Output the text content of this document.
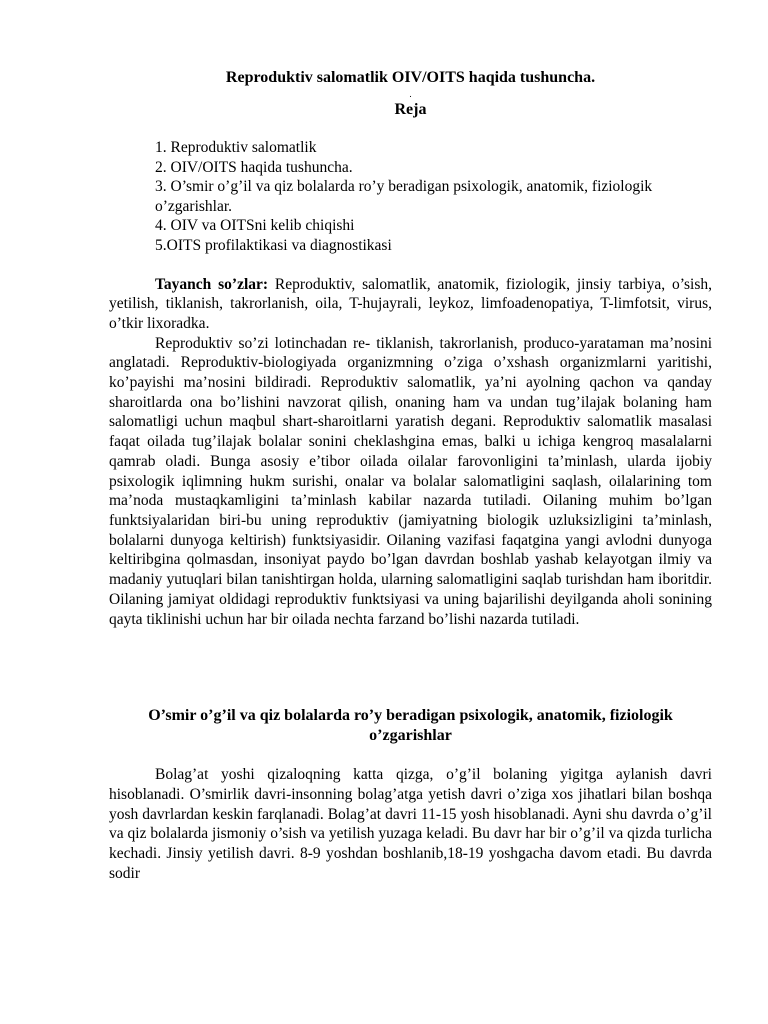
Reproduktiv salomatlik OIV/OITS haqida tushuncha.

.

Reja

1. Reproduktiv salomatlik
2. OIV/OITS haqida tushuncha.
3. O’smir o’g’il va qiz bolalarda ro’y beradigan psixologik, anatomik, fiziologik o’zgarishlar.
4. OIV va OITSni kelib chiqishi
5.OITS profilaktikasi va diagnostikasi

Tayanch so’zlar: Reproduktiv, salomatlik, anatomik, fiziologik, jinsiy tarbiya, o’sish, yetilish, tiklanish, takrorlanish, oila, T-hujayrali, leykoz, limfoadenopatiya, T-limfotsit, virus, o’tkir lixoradka.

Reproduktiv so’zi lotinchadan re- tiklanish, takrorlanish, produco-yarataman ma’nosini anglatadi. Reproduktiv-biologiyada organizmning o’ziga o’xshash organizmlarni yaritishi, ko’payishi ma’nosini bildiradi. Reproduktiv salomatlik, ya’ni ayolning qachon va qanday sharoitlarda ona bo’lishini navzorat qilish, onaning ham va undan tug’ilajak bolaning ham salomatligi uchun maqbul shart-sharoitlarni yaratish degani. Reproduktiv salomatlik masalasi faqat oilada tug’ilajak bolalar sonini cheklashgina emas, balki u ichiga kengroq masalalarni qamrab oladi. Bunga asosiy e’tibor oilada oilalar farovonligini ta’minlash, ularda ijobiy psixologik iqlimning hukm surishi, onalar va bolalar salomatligini saqlash, oilalarining tom ma’noda mustaqkamligini ta’minlash kabilar nazarda tutiladi. Oilaning muhim bo’lgan funktsiyalaridan biri-bu uning reproduktiv (jamiyatning biologik uzluksizligini ta’minlash, bolalarni dunyoga keltirish) funktsiyasidir. Oilaning vazifasi faqatgina yangi avlodni dunyoga keltiribgina qolmasdan, insoniyat paydo bo’lgan davrdan boshlab yashab kelayotgan ilmiy va madaniy yutuqlari bilan tanishtirgan holda, ularning salomatligini saqlab turishdan ham iboritdir. Oilaning jamiyat oldidagi reproduktiv funktsiyasi va uning bajarilishi deyilganda aholi sonining qayta tiklinishi uchun har bir oilada nechta farzand bo’lishi nazarda tutiladi.

O’smir o’g’il va qiz bolalarda ro’y beradigan psixologik, anatomik, fiziologik o’zgarishlar

Bolag’at yoshi qizaloqning katta qizga, o’g’il bolaning yigitga aylanish davri hisoblanadi. O’smirlik davri-insonning bolag’atga yetish davri o’ziga xos jihatlari bilan boshqa yosh davrlardan keskin farqlanadi. Bolag’at davri 11-15 yosh hisoblanadi. Ayni shu davrda o’g’il va qiz bolalarda jismoniy o’sish va yetilish yuzaga keladi. Bu davr har bir o’g’il va qizda turlicha kechadi. Jinsiy yetilish davri. 8-9 yoshdan boshlanib,18-19 yoshgacha davom etadi. Bu davrda sodir
